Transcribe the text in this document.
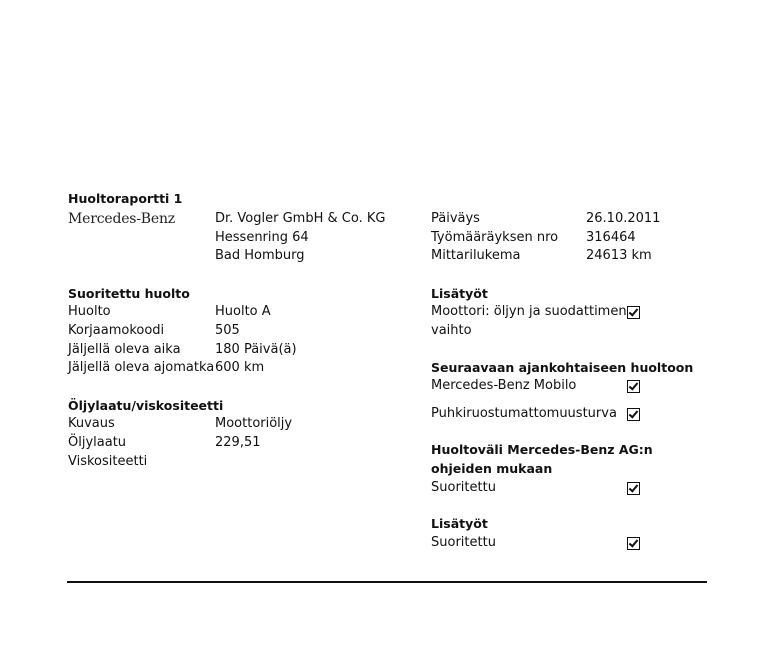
Huoltoraportti 1
Mercedes-Benz	Dr. Vogler GmbH & Co. KG
Hessenring 64
Bad Homburg
Suoritettu huolto
Huolto	Huolto A
Korjaamokoodi	505
Jäljellä oleva aika	180 Päivä(ä)
Jäljellä oleva ajomatka 600 km
Öljylaatu/viskositeetti
Kuvaus	Moottoriöljy
Öljylaatu	229,51
Viskositeetti
Päiväys	26.10.2011
Työmääräyksen nro	316464
Mittarilukema	24613 km
Lisätyöt
Moottori: öljyn ja suodattimen vaihto
Seuraavaan ajankohtaiseen huoltoon
Mercedes-Benz Mobilo
Puhkiruostumattomuusturva
Huoltoväli Mercedes-Benz AG:n ohjeiden mukaan
Suoritettu
Lisätyöt
Suoritettu
